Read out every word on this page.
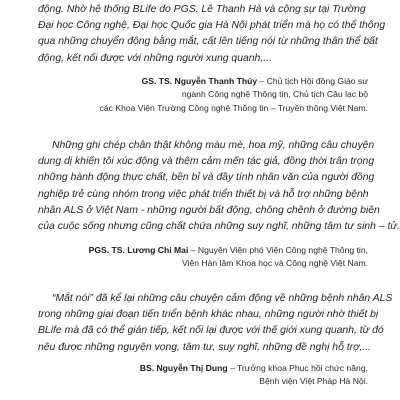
động. Nhờ hệ thống BLife do PGS. Lê Thanh Hà và cộng sự tại Trường
Đại học Công nghệ, Đại học Quốc gia Hà Nội phát triển mà họ có thể thông
qua những chuyển động bằng mắt, cất lên tiếng nói từ những thân thể bất
động, kết nối được với những người xung quanh,...

GS. TS. Nguyễn Thanh Thủy – Chủ tịch Hội đồng Giáo sư
ngành Công nghệ Thông tin, Chủ tịch Câu lạc bộ
các Khoa Viện Trường Công nghệ Thông tin – Truyền thông Việt Nam.

Những ghi chép chân thật không màu mè, hoa mỹ, những câu chuyện
dung dị khiến tôi xúc động và thêm cảm mến tác giả, đồng thời trân trọng
những hành động thực chất, bền bỉ và đầy tính nhân văn của người đồng
nghiệp trẻ cùng nhóm trong việc phát triển thiết bị và hỗ trợ những bệnh
nhân ALS ở Việt Nam - những người bất động, chông chênh ở đường biên
của cuộc sống nhưng cũng chất chứa những suy nghĩ, những tâm tư sinh – tử.

PGS. TS. Lương Chi Mai – Nguyên Viện phó Viện Công nghệ Thông tin,
Viện Hàn lâm Khoa học và Công nghệ Việt Nam.

“Mắt nói” đã kể lại những câu chuyện cảm động về những bệnh nhân ALS
trong những giai đoạn tiến triển bệnh khác nhau, những người nhờ thiết bị
BLife mà đã có thể gián tiếp, kết nối lại được với thế giới xung quanh, từ đó
nêu được những nguyện vọng, tâm tư, suy nghĩ, những đề nghị hỗ trợ,...

BS. Nguyễn Thị Dung – Trưởng khoa Phục hồi chức năng,
Bệnh viện Việt Pháp Hà Nội.
